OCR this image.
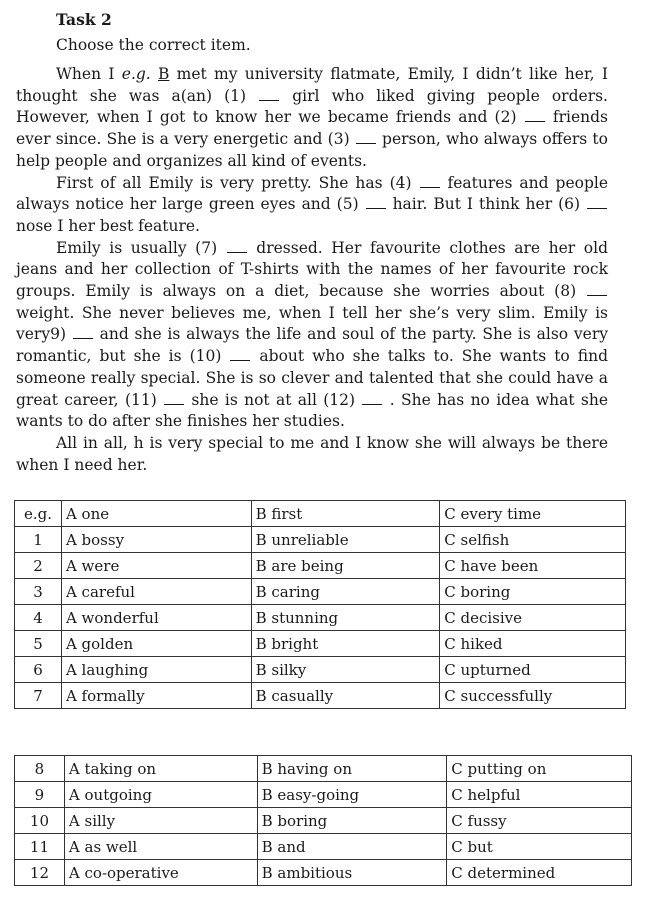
Task 2
Choose the correct item.

When I e.g. B met my university flatmate, Emily, I didn’t like her, I thought she was a(an) (1)  girl who liked giving people orders. However, when I got to know her we became friends and (2)  friends ever since. She is a very energetic and (3)  person, who always offers to help people and organizes all kind of events.

First of all Emily is very pretty. She has (4)  features and people always notice her large green eyes and (5)  hair. But I think her (6)  nose I her best feature.

Emily is usually (7)  dressed. Her favourite clothes are her old jeans and her collection of T-shirts with the names of her favourite rock groups. Emily is always on a diet, because she worries about (8)  weight. She never believes me, when I tell her she’s very slim. Emily is very9)  and she is always the life and soul of the party. She is also very romantic, but she is (10)  about who she talks to. She wants to find someone really special. She is so clever and talented that she could have a great career, (11)  she is not at all (12)  . She has no idea what she wants to do after she finishes her studies.

All in all, h is very special to me and I know she will always be there when I need her.

e.g.	A one	B first	C every time
1	A bossy	B unreliable	C selfish
2	A were	B are being	C have been
3	A careful	B caring	C boring
4	A wonderful	B stunning	C decisive
5	A golden	B bright	C hiked
6	A laughing	B silky	C upturned
7	A formally	B casually	C successfully
8	A taking on	B having on	C putting on
9	A outgoing	B easy-going	C helpful
10	A silly	B boring	C fussy
11	A as well	B and	C but
12	A co-operative	B ambitious	C determined
